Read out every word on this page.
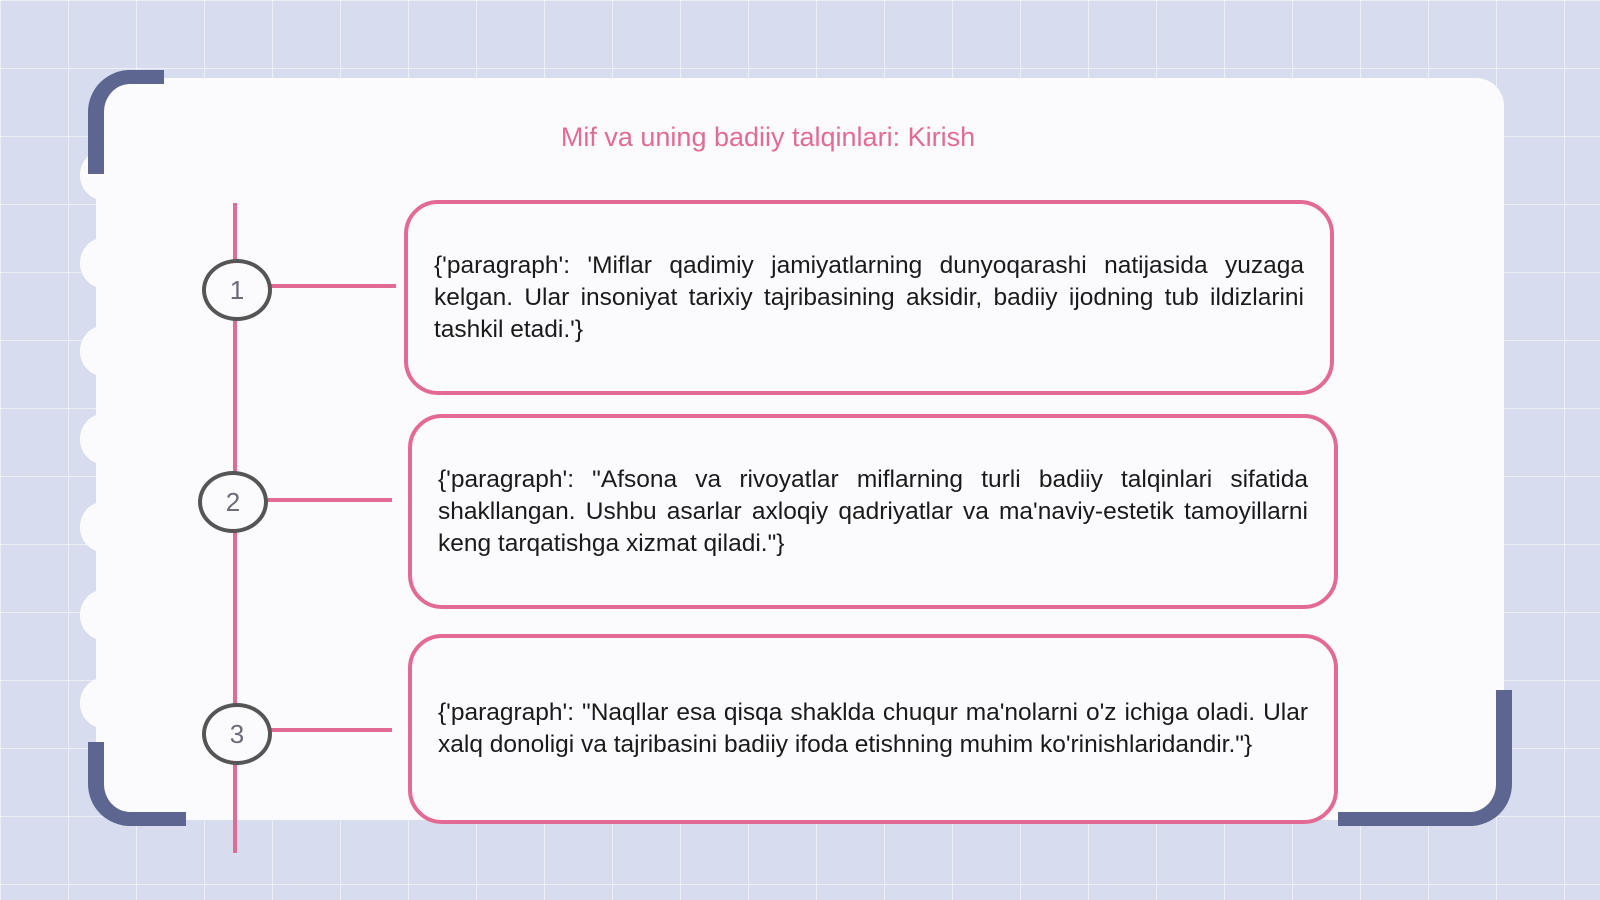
Mif va uning badiiy talqinlari: Kirish

{'paragraph': 'Miflar qadimiy jamiyatlarning dunyoqarashi natijasida yuzaga kelgan. Ular insoniyat tarixiy tajribasining aksidir, badiiy ijodning tub ildizlarini tashkil etadi.'}

1

{'paragraph': "Afsona va rivoyatlar miflarning turli badiiy talqinlari sifatida shakllangan. Ushbu asarlar axloqiy qadriyatlar va ma'naviy-estetik tamoyillarni keng tarqatishga xizmat qiladi."}

2

{'paragraph': "Naqllar esa qisqa shaklda chuqur ma'nolarni o'z ichiga oladi. Ular xalq donoligi va tajribasini badiiy ifoda etishning muhim ko'rinishlaridandir."}

3
